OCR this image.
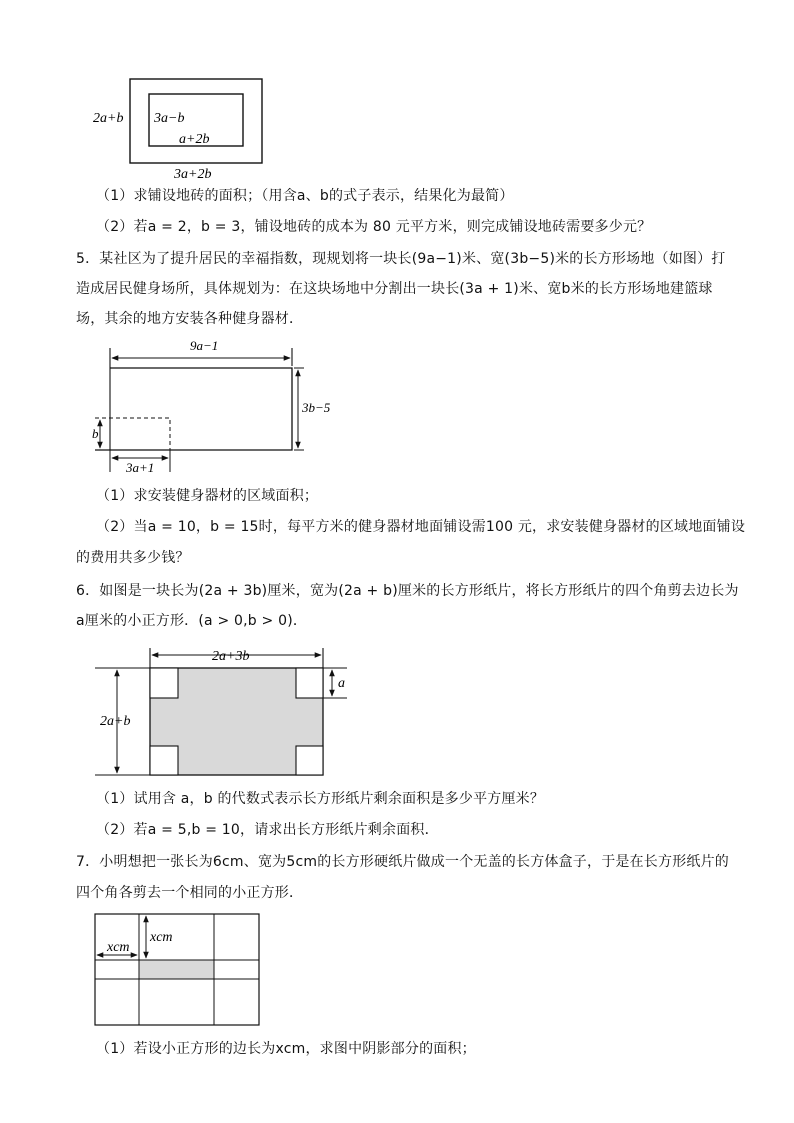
2a+b 3a−b
a+2b
3a+2b
（1）求铺设地砖的面积；（用含a、b的式子表示，结果化为最简）
（2）若a = 2，b = 3，铺设地砖的成本为 80 元平方米，则完成铺设地砖需要多少元？
5．某社区为了提升居民的幸福指数，现规划将一块长(9a−1)米、宽(3b−5)米的长方形场地（如图）打
造成居民健身场所，具体规划为：在这块场地中分割出一块长(3a + 1)米、宽b米的长方形场地建篮球
场，其余的地方安装各种健身器材．
9a−1
3b−5
b
3a+1
（1）求安装健身器材的区域面积；
（2）当a = 10，b = 15时，每平方米的健身器材地面铺设需100 元，求安装健身器材的区域地面铺设
的费用共多少钱？
6．如图是一块长为(2a + 3b)厘米，宽为(2a + b)厘米的长方形纸片，将长方形纸片的四个角剪去边长为
a厘米的小正方形．(a > 0,b > 0)．
2a+3b
2a+b
a
（1）试用含 a，b 的代数式表示长方形纸片剩余面积是多少平方厘米？
（2）若a = 5,b = 10，请求出长方形纸片剩余面积．
7．小明想把一张长为6cm、宽为5cm的长方形硬纸片做成一个无盖的长方体盒子，于是在长方形纸片的
四个角各剪去一个相同的小正方形．
xcm
xcm
（1）若设小正方形的边长为xcm，求图中阴影部分的面积；
